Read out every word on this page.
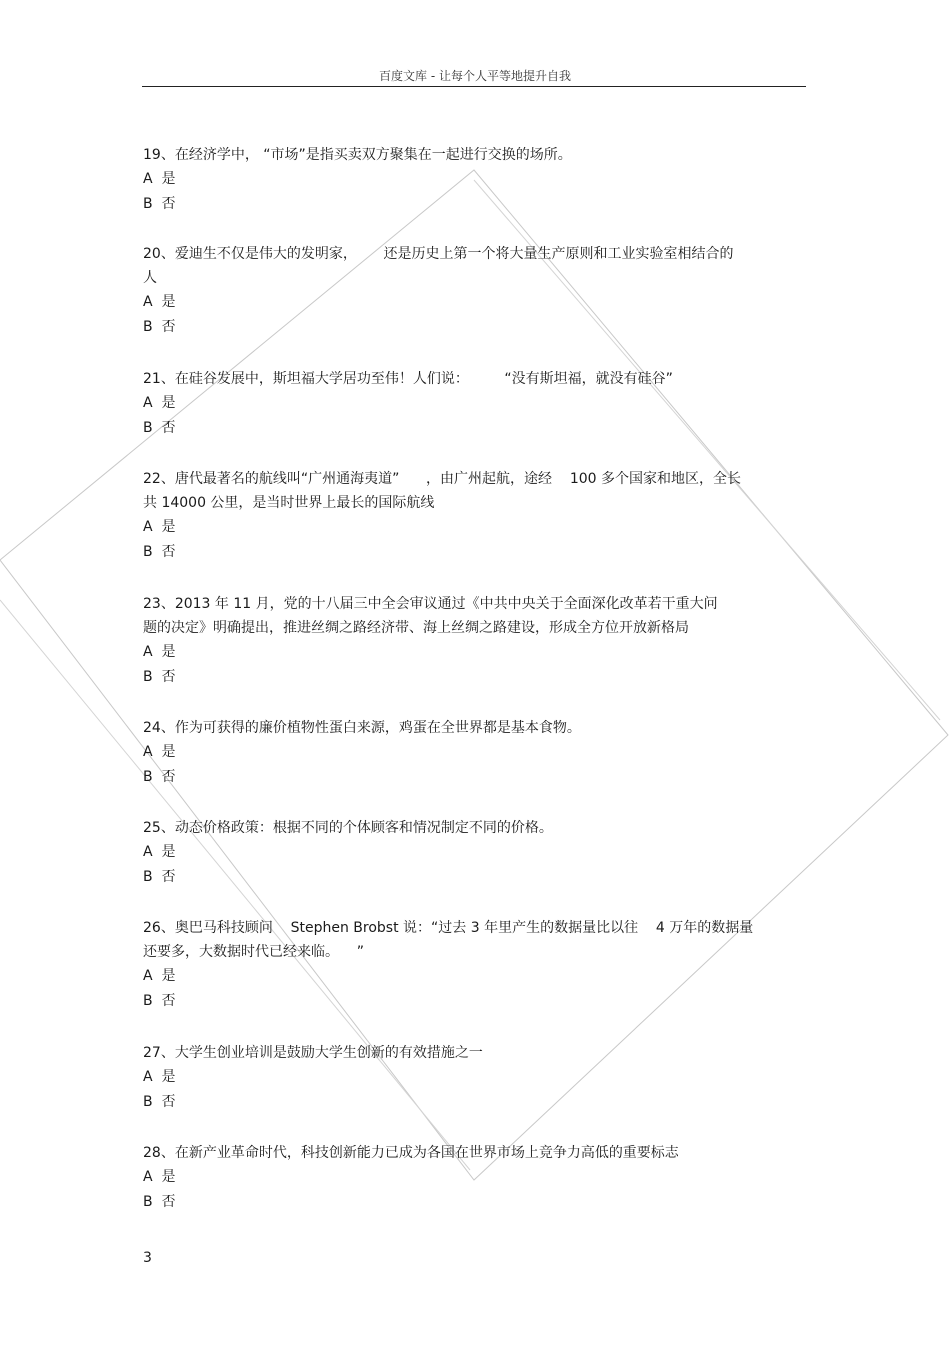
百度文库 - 让每个人平等地提升自我
19、在经济学中， “市场”是指买卖双方聚集在一起进行交换的场所。
A  是
B  否
20、爱迪生不仅是伟大的发明家，      还是历史上第一个将大量生产原则和工业实验室相结合的
人
A  是
B  否
21、在硅谷发展中，斯坦福大学居功至伟！人们说：        “没有斯坦福，就没有硅谷”
A  是
B  否
22、唐代最著名的航线叫“广州通海夷道”      ，由广州起航，途经    100 多个国家和地区，全长
共 14000 公里，是当时世界上最长的国际航线
A  是
B  否
23、2013 年 11 月，党的十八届三中全会审议通过《中共中央关于全面深化改革若干重大问
题的决定》明确提出，推进丝绸之路经济带、海上丝绸之路建设，形成全方位开放新格局
A  是
B  否
24、作为可获得的廉价植物性蛋白来源，鸡蛋在全世界都是基本食物。
A  是
B  否
25、动态价格政策：根据不同的个体顾客和情况制定不同的价格。
A  是
B  否
26、奥巴马科技顾问    Stephen Brobst 说：“过去 3 年里产生的数据量比以往    4 万年的数据量
还要多，大数据时代已经来临。    ”
A  是
B  否
27、大学生创业培训是鼓励大学生创新的有效措施之一
A  是
B  否
28、在新产业革命时代，科技创新能力已成为各国在世界市场上竞争力高低的重要标志
A  是
B  否
3
